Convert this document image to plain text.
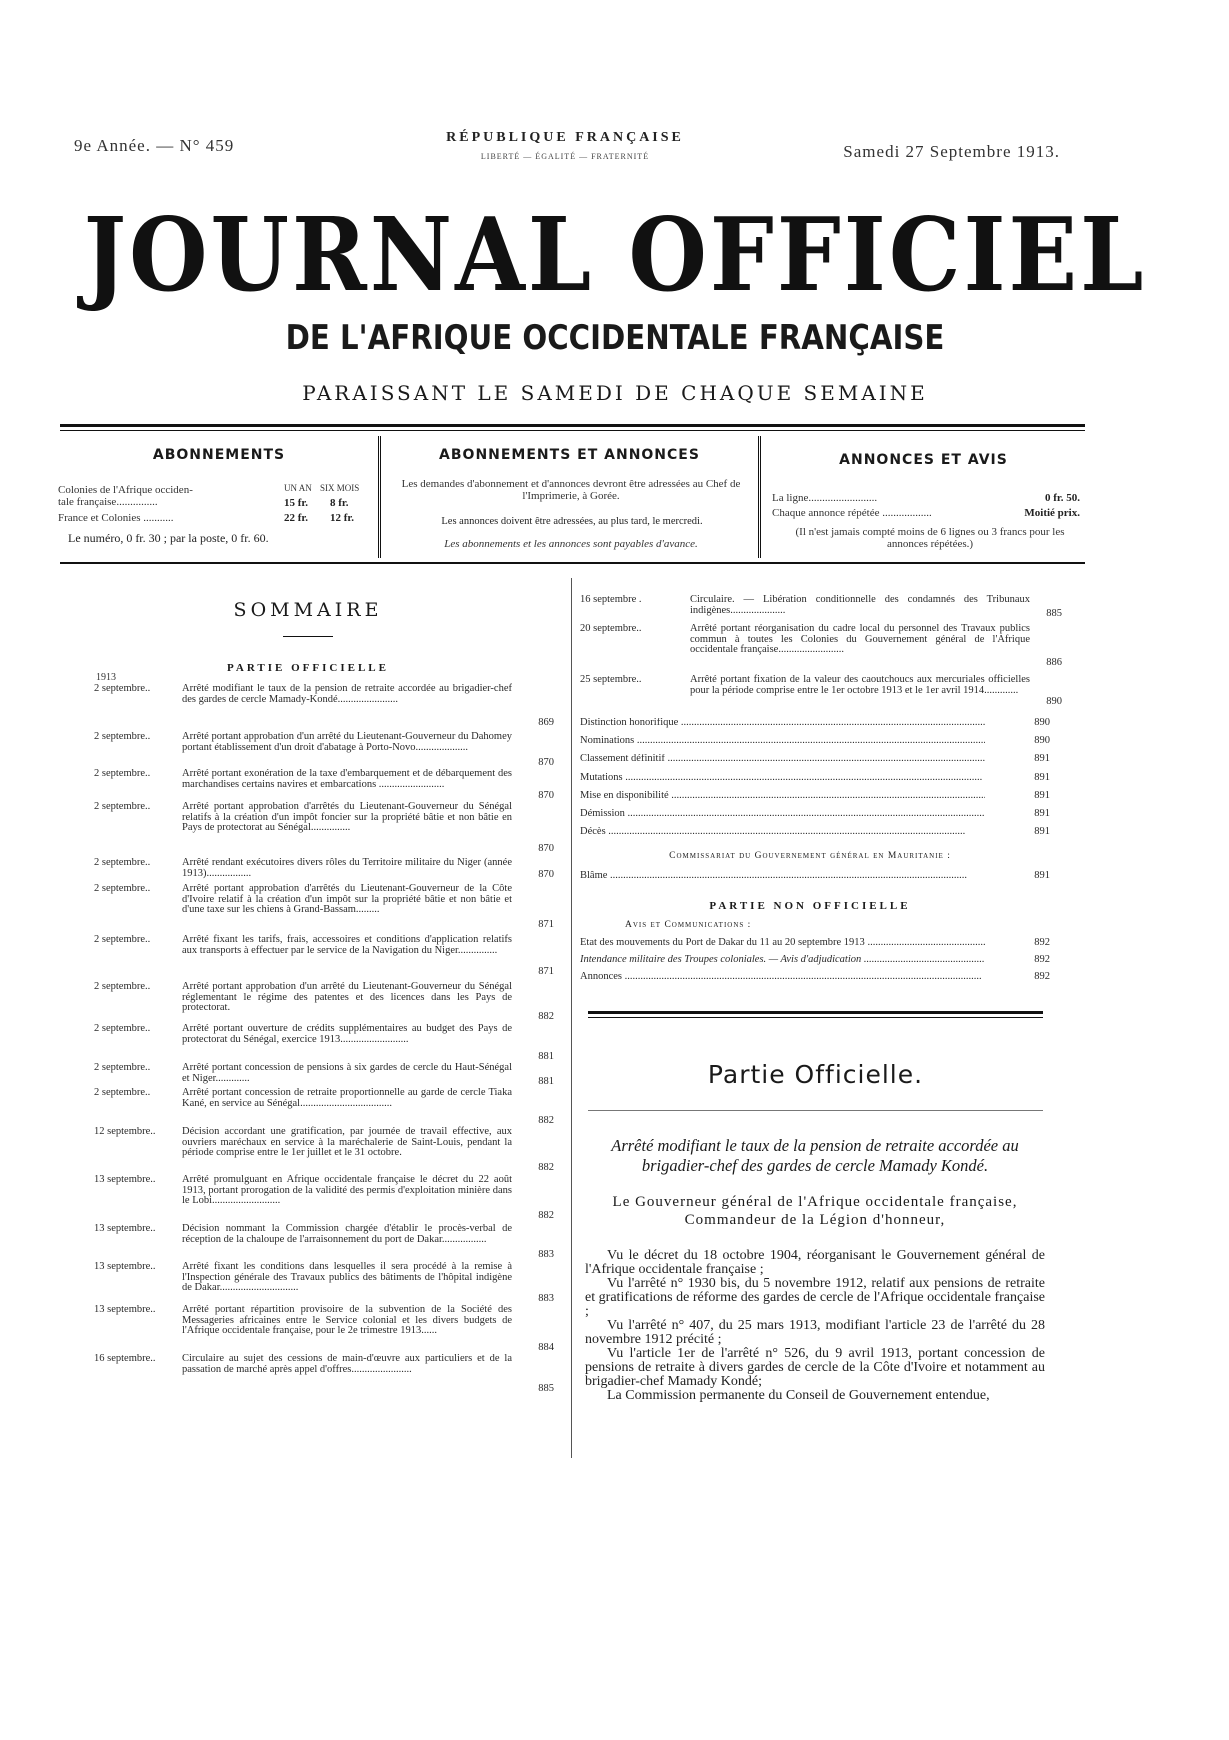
9e Année. — N° 459	RÉPUBLIQUE FRANÇAISE
LIBERTÉ — ÉGALITÉ — FRATERNITÉ	Samedi 27 Septembre 1913.
JOURNAL OFFICIEL
DE L'AFRIQUE OCCIDENTALE FRANÇAISE
PARAISSANT LE SAMEDI DE CHAQUE SEMAINE
ABONNEMENTS
UN AN SIX MOIS
Colonies de l'Afrique occiden-
tale française...............	15 fr. 8 fr.
France et Colonies ...........	22 fr. 12 fr.
Le numéro, 0 fr. 30 ; par la poste, 0 fr. 60.
ABONNEMENTS ET ANNONCES
Les demandes d'abonnement et d'annonces devront être adressées au Chef de l'Imprimerie, à Gorée.
Les annonces doivent être adressées, au plus tard, le mercredi.
Les abonnements et les annonces sont payables d'avance.
ANNONCES ET AVIS
La ligne.........................	0 fr. 50.
Chaque annonce répétée ..................	Moitié prix.
(Il n'est jamais compté moins de 6 lignes ou 3 francs pour les annonces répétées.)
SOMMAIRE
PARTIE OFFICIELLE
1913
2 septembre..	Arrêté modifiant le taux de la pension de retraite accordée au brigadier-chef des gardes de cercle Mamady-Kondé.......................
869
2 septembre..	Arrêté portant approbation d'un arrêté du Lieutenant-Gouverneur du Dahomey portant établissement d'un droit d'abatage à Porto-Novo....................
870
2 septembre..	Arrêté portant exonération de la taxe d'embarquement et de débarquement des marchandises certains navires et embarcations .........................
870
2 septembre..	Arrêté portant approbation d'arrêtés du Lieutenant-Gouverneur du Sénégal relatifs à la création d'un impôt foncier sur la propriété bâtie et non bâtie en Pays de protectorat au Sénégal...............
870
2 septembre..	Arrêté rendant exécutoires divers rôles du Territoire militaire du Niger (année 1913).................	870
2 septembre..	Arrêté portant approbation d'arrêtés du Lieutenant-Gouverneur de la Côte d'Ivoire relatif à la création d'un impôt sur la propriété bâtie et non bâtie et d'une taxe sur les chiens à Grand-Bassam.........
871
2 septembre..	Arrêté fixant les tarifs, frais, accessoires et conditions d'application relatifs aux transports à effectuer par le service de la Navigation du Niger...............
871
2 septembre..	Arrêté portant approbation d'un arrêté du Lieutenant-Gouverneur du Sénégal réglementant le régime des patentes et des licences dans les Pays de protectorat.
882
2 septembre..	Arrêté portant ouverture de crédits supplémentaires au budget des Pays de protectorat du Sénégal, exercice 1913..........................
881
2 septembre..	Arrêté portant concession de pensions à six gardes de cercle du Haut-Sénégal et Niger.............	881
2 septembre..	Arrêté portant concession de retraite proportionnelle au garde de cercle Tiaka Kané, en service au Sénégal...................................
882
12 septembre..	Décision accordant une gratification, par journée de travail effective, aux ouvriers maréchaux en service à la maréchalerie de Saint-Louis, pendant la période comprise entre le 1er juillet et le 31 octobre.
882
13 septembre..	Arrêté promulguant en Afrique occidentale française le décret du 22 août 1913, portant prorogation de la validité des permis d'exploitation minière dans le Lobi..........................
882
13 septembre..	Décision nommant la Commission chargée d'établir le procès-verbal de réception de la chaloupe de l'arraisonnement du port de Dakar.................
883
13 septembre..	Arrêté fixant les conditions dans lesquelles il sera procédé à la remise à l'Inspection générale des Travaux publics des bâtiments de l'hôpital indigène de Dakar..............................
883
13 septembre..	Arrêté portant répartition provisoire de la subvention de la Société des Messageries africaines entre le Service colonial et les divers budgets de l'Afrique occidentale française, pour le 2e trimestre 1913......
884
16 septembre..	Circulaire au sujet des cessions de main-d'œuvre aux particuliers et de la passation de marché après appel d'offres.......................
885
16 septembre .	Circulaire. — Libération conditionnelle des condamnés des Tribunaux indigènes.....................	885
20 septembre..	Arrêté portant réorganisation du cadre local du personnel des Travaux publics commun à toutes les Colonies du Gouvernement général de l'Afrique occidentale française.........................
886
25 septembre..	Arrêté portant fixation de la valeur des caoutchoucs aux mercuriales officielles pour la période comprise entre le 1er octobre 1913 et le 1er avril 1914.............
890
Distinction honorifique .....	890
Nominations .....	890
Classement définitif .....	891
Mutations .....	891
Mise en disponibilité .....	891
Démission .....	891
Décès .....	891
Commissariat du Gouvernement général en Mauritanie :
Blâme .....	891
PARTIE NON OFFICIELLE
Avis et Communications :
État des mouvements du Port de Dakar du 11 au 20 septembre 1913 .....	892
Intendance militaire des Troupes coloniales. — Avis d'adjudication .....	892
Annonces .....	892
Partie Officielle.
Arrêté modifiant le taux de la pension de retraite accordée au brigadier-chef des gardes de cercle Mamady Kondé.
Le Gouverneur général de l'Afrique occidentale française, Commandeur de la Légion d'honneur,

Vu le décret du 18 octobre 1904, réorganisant le Gouvernement général de l'Afrique occidentale française ;

Vu l'arrêté n° 1930 bis, du 5 novembre 1912, relatif aux pensions de retraite et gratifications de réforme des gardes de cercle de l'Afrique occidentale française ;

Vu l'arrêté n° 407, du 25 mars 1913, modifiant l'article 23 de l'arrêté du 28 novembre 1912 précité ;

Vu l'article 1er de l'arrêté n° 526, du 9 avril 1913, portant concession de pensions de retraite à divers gardes de cercle de la Côte d'Ivoire et notamment au brigadier-chef Mamady Kondé;

La Commission permanente du Conseil de Gouvernement entendue,
